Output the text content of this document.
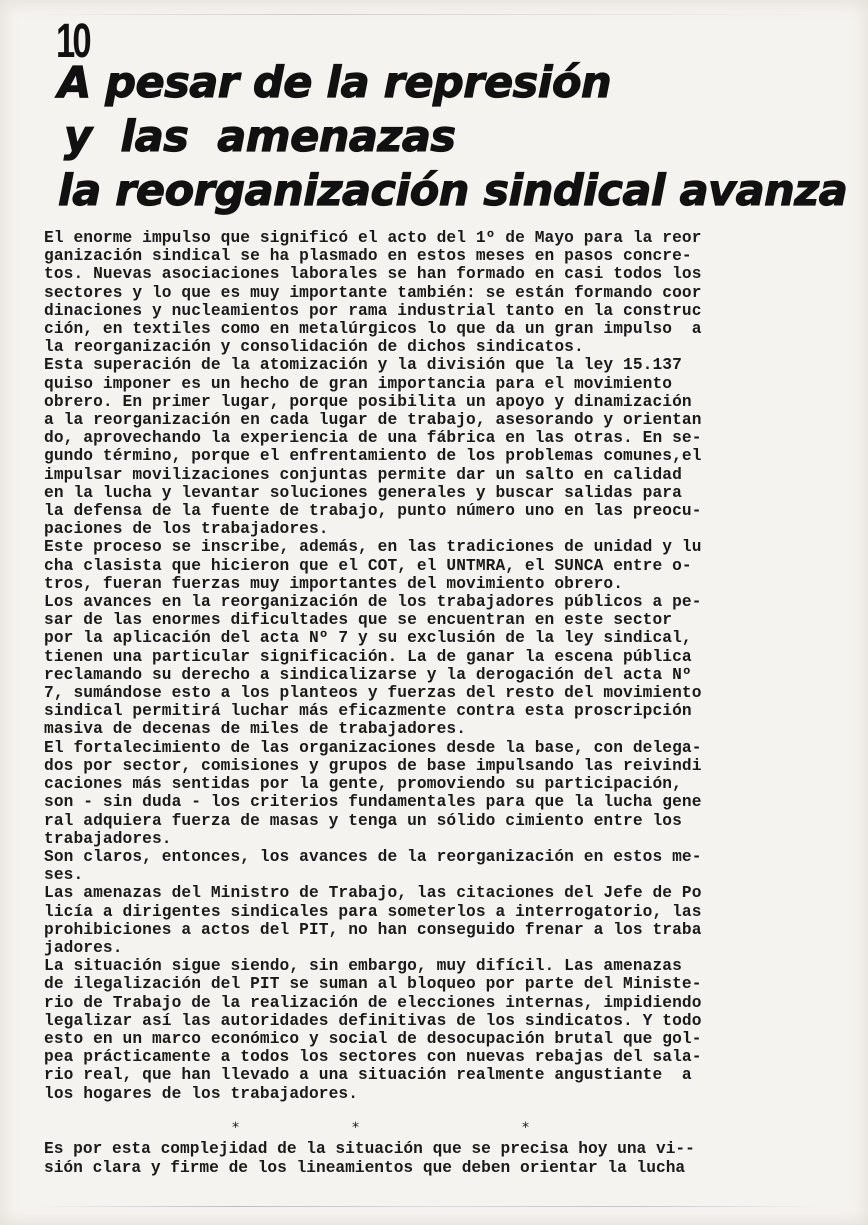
10
A pesar de la represión
y  las  amenazas
la reorganización sindical avanza
El enorme impulso que significó el acto del 1º de Mayo para la reor
ganización sindical se ha plasmado en estos meses en pasos concre-
tos. Nuevas asociaciones laborales se han formado en casi todos los
sectores y lo que es muy importante también: se están formando coor
dinaciones y nucleamientos por rama industrial tanto en la construc
ción, en textiles como en metalúrgicos lo que da un gran impulso  a
la reorganización y consolidación de dichos sindicatos.
Esta superación de la atomización y la división que la ley 15.137
quiso imponer es un hecho de gran importancia para el movimiento
obrero. En primer lugar, porque posibilita un apoyo y dinamización
a la reorganización en cada lugar de trabajo, asesorando y orientan
do, aprovechando la experiencia de una fábrica en las otras. En se-
gundo término, porque el enfrentamiento de los problemas comunes,el
impulsar movilizaciones conjuntas permite dar un salto en calidad
en la lucha y levantar soluciones generales y buscar salidas para
la defensa de la fuente de trabajo, punto número uno en las preocu-
paciones de los trabajadores.
Este proceso se inscribe, además, en las tradiciones de unidad y lu
cha clasista que hicieron que el COT, el UNTMRA, el SUNCA entre o-
tros, fueran fuerzas muy importantes del movimiento obrero.
Los avances en la reorganización de los trabajadores públicos a pe-
sar de las enormes dificultades que se encuentran en este sector
por la aplicación del acta Nº 7 y su exclusión de la ley sindical,
tienen una particular significación. La de ganar la escena pública
reclamando su derecho a sindicalizarse y la derogación del acta Nº
7, sumándose esto a los planteos y fuerzas del resto del movimiento
sindical permitirá luchar más eficazmente contra esta proscripción
masiva de decenas de miles de trabajadores.
El fortalecimiento de las organizaciones desde la base, con delega-
dos por sector, comisiones y grupos de base impulsando las reivindi
caciones más sentidas por la gente, promoviendo su participación,
son - sin duda - los criterios fundamentales para que la lucha gene
ral adquiera fuerza de masas y tenga un sólido cimiento entre los
trabajadores.
Son claros, entonces, los avances de la reorganización en estos me-
ses.
Las amenazas del Ministro de Trabajo, las citaciones del Jefe de Po
licía a dirigentes sindicales para someterlos a interrogatorio, las
prohibiciones a actos del PIT, no han conseguido frenar a los traba
jadores.
La situación sigue siendo, sin embargo, muy difícil. Las amenazas
de ilegalización del PIT se suman al bloqueo por parte del Ministe-
rio de Trabajo de la realización de elecciones internas, impidiendo
legalizar así las autoridades definitivas de los sindicatos. Y todo
esto en un marco económico y social de desocupación brutal que gol-
pea prácticamente a todos los sectores con nuevas rebajas del sala-
rio real, que han llevado a una situación realmente angustiante  a
los hogares de los trabajadores.
*	*	*
Es por esta complejidad de la situación que se precisa hoy una vi--
sión clara y firme de los lineamientos que deben orientar la lucha
